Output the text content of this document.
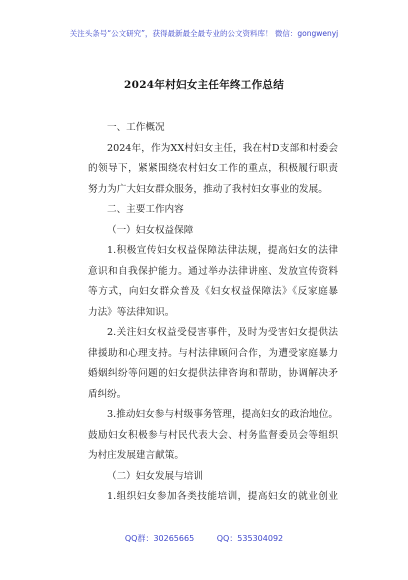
关注头条号“公文研究”，获得最新最全最专业的公文资料库！ 微信：gongwenyj
2024年村妇女主任年终工作总结
一、工作概况
2024年，作为XX村妇女主任，我在村D支部和村委会
的领导下，紧紧围绕农村妇女工作的重点，积极履行职责
努力为广大妇女群众服务，推动了我村妇女事业的发展。
二、主要工作内容
（一）妇女权益保障
1.积极宣传妇女权益保障法律法规，提高妇女的法律
意识和自我保护能力。通过举办法律讲座、发放宣传资料
等方式，向妇女群众普及《妇女权益保障法》《反家庭暴
力法》等法律知识。
2.关注妇女权益受侵害事件，及时为受害妇女提供法
律援助和心理支持。与村法律顾问合作，为遭受家庭暴力
婚姻纠纷等问题的妇女提供法律咨询和帮助，协调解决矛
盾纠纷。
3.推动妇女参与村级事务管理，提高妇女的政治地位。
鼓励妇女积极参与村民代表大会、村务监督委员会等组织
为村庄发展建言献策。
（二）妇女发展与培训
1.组织妇女参加各类技能培训，提高妇女的就业创业
QQ群：30265665	QQ：535304092
